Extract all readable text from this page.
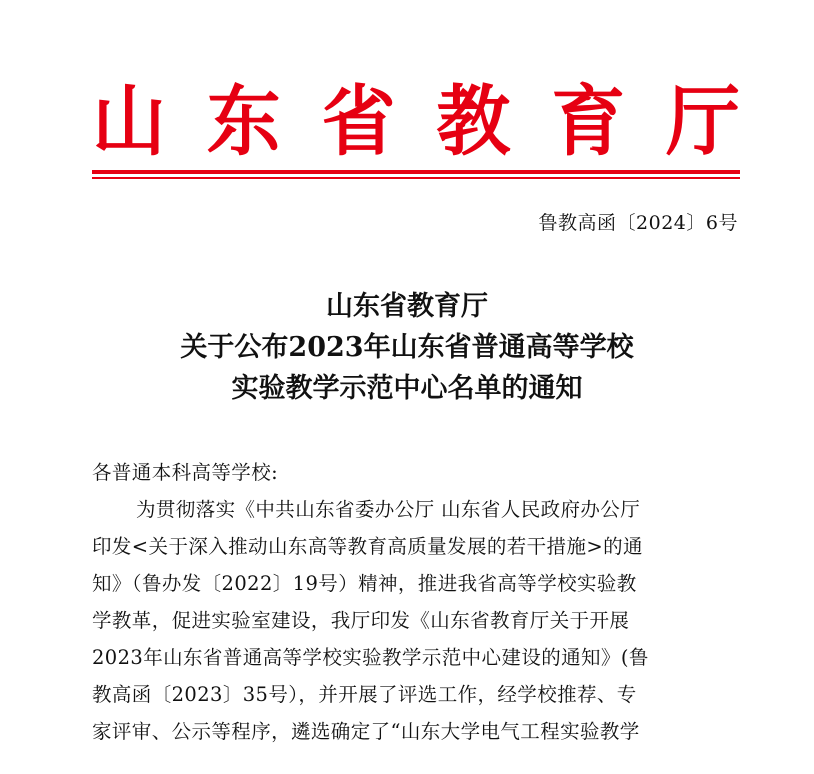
山 东 省 教 育 厅
鲁教高函〔2024〕6号
山东省教育厅
关于公布2023年山东省普通高等学校
实验教学示范中心名单的通知
各普通本科高等学校:
为贯彻落实《中共山东省委办公厅 山东省人民政府办公厅
印发<关于深入推动山东高等教育高质量发展的若干措施>的通
知》（鲁办发〔2022〕19号）精神，推进我省高等学校实验教
学教革，促进实验室建设，我厅印发《山东省教育厅关于开展
2023年山东省普通高等学校实验教学示范中心建设的通知》(鲁
教高函〔2023〕35号），并开展了评选工作，经学校推荐、专
家评审、公示等程序，遴选确定了“山东大学电气工程实验教学
